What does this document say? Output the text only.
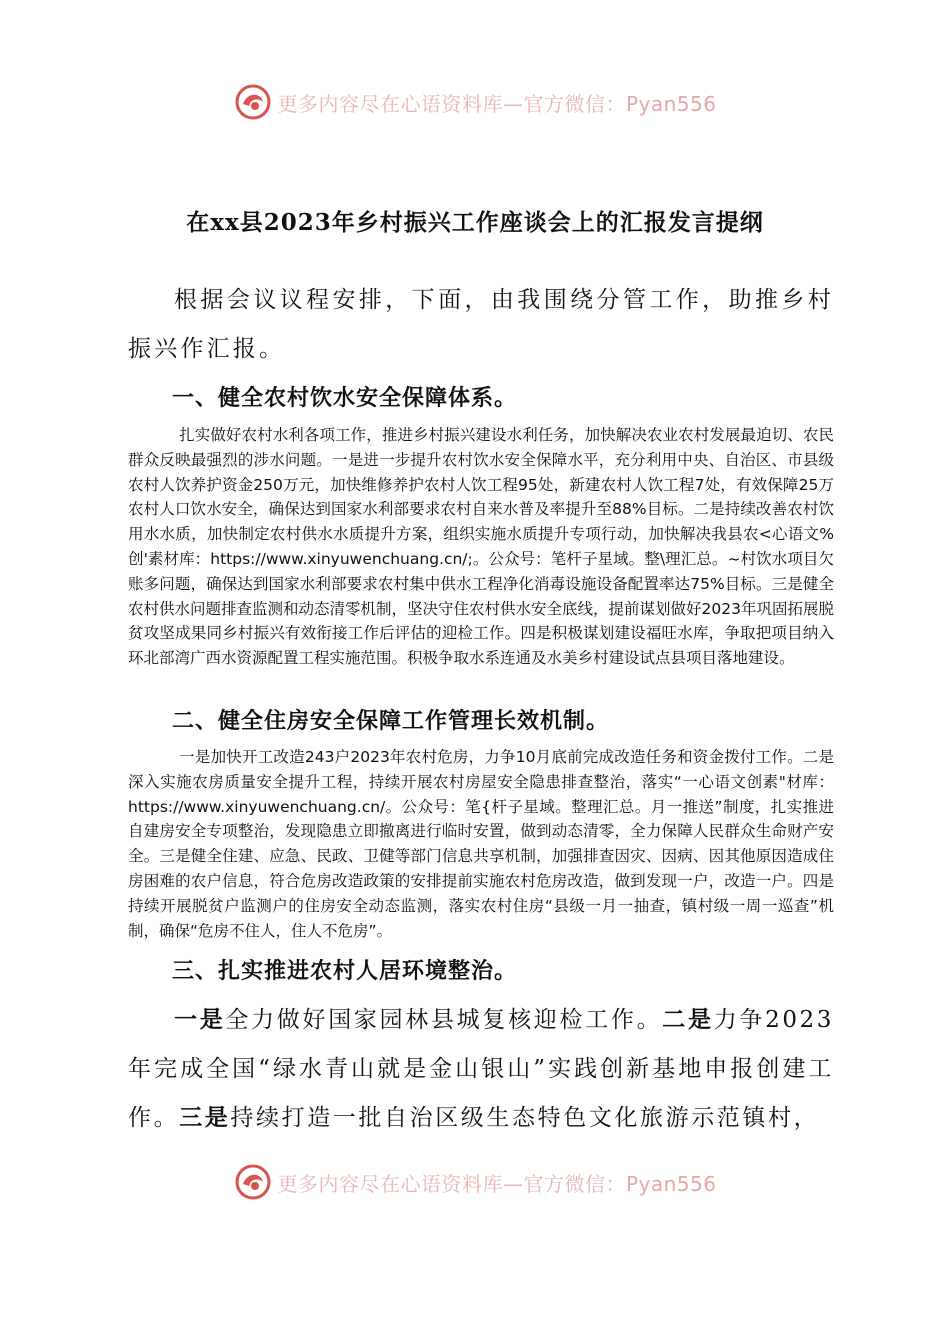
更多内容尽在心语资料库—官方微信：Pyan556
在xx县2023年乡村振兴工作座谈会上的汇报发言提纲

根据会议议程安排，下面，由我围绕分管工作，助推乡村振兴作汇报。

一、健全农村饮水安全保障体系。

扎实做好农村水利各项工作，推进乡村振兴建设水利任务，加快解决农业农村发展最迫切、农民群众反映最强烈的涉水问题。一是进一步提升农村饮水安全保障水平，充分利用中央、自治区、市县级农村人饮养护资金250万元，加快维修养护农村人饮工程95处，新建农村人饮工程7处，有效保障25万农村人口饮水安全，确保达到国家水利部要求农村自来水普及率提升至88%目标。二是持续改善农村饮用水水质，加快制定农村供水水质提升方案，组织实施水质提升专项行动，加快解决我县农<心语文%创'素材库：https://www.xinyuwenchuang.cn/;。公众号：笔杆子星域。整\理汇总。~村饮水项目欠账多问题，确保达到国家水利部要求农村集中供水工程净化消毒设施设备配置率达75%目标。三是健全农村供水问题排查监测和动态清零机制，坚决守住农村供水安全底线，提前谋划做好2023年巩固拓展脱贫攻坚成果同乡村振兴有效衔接工作后评估的迎检工作。四是积极谋划建设福旺水库，争取把项目纳入环北部湾广西水资源配置工程实施范围。积极争取水系连通及水美乡村建设试点县项目落地建设。

二、健全住房安全保障工作管理长效机制。

一是加快开工改造243户2023年农村危房，力争10月底前完成改造任务和资金拨付工作。二是深入实施农房质量安全提升工程，持续开展农村房屋安全隐患排查整治，落实“一心语文创素"材库：https://www.xinyuwenchuang.cn/。公众号：笔{杆子星域。整理汇总。月一推送”制度，扎实推进自建房安全专项整治，发现隐患立即撤离进行临时安置，做到动态清零，全力保障人民群众生命财产安全。三是健全住建、应急、民政、卫健等部门信息共享机制，加强排查因灾、因病、因其他原因造成住房困难的农户信息，符合危房改造政策的安排提前实施农村危房改造，做到发现一户，改造一户。四是持续开展脱贫户监测户的住房安全动态监测，落实农村住房“县级一月一抽查，镇村级一周一巡查”机制，确保“危房不住人，住人不危房”。

三、扎实推进农村人居环境整治。

一是全力做好国家园林县城复核迎检工作。二是力争2023年完成全国“绿水青山就是金山银山”实践创新基地申报创建工作。三是持续打造一批自治区级生态特色文化旅游示范镇村，

更多内容尽在心语资料库—官方微信：Pyan556
